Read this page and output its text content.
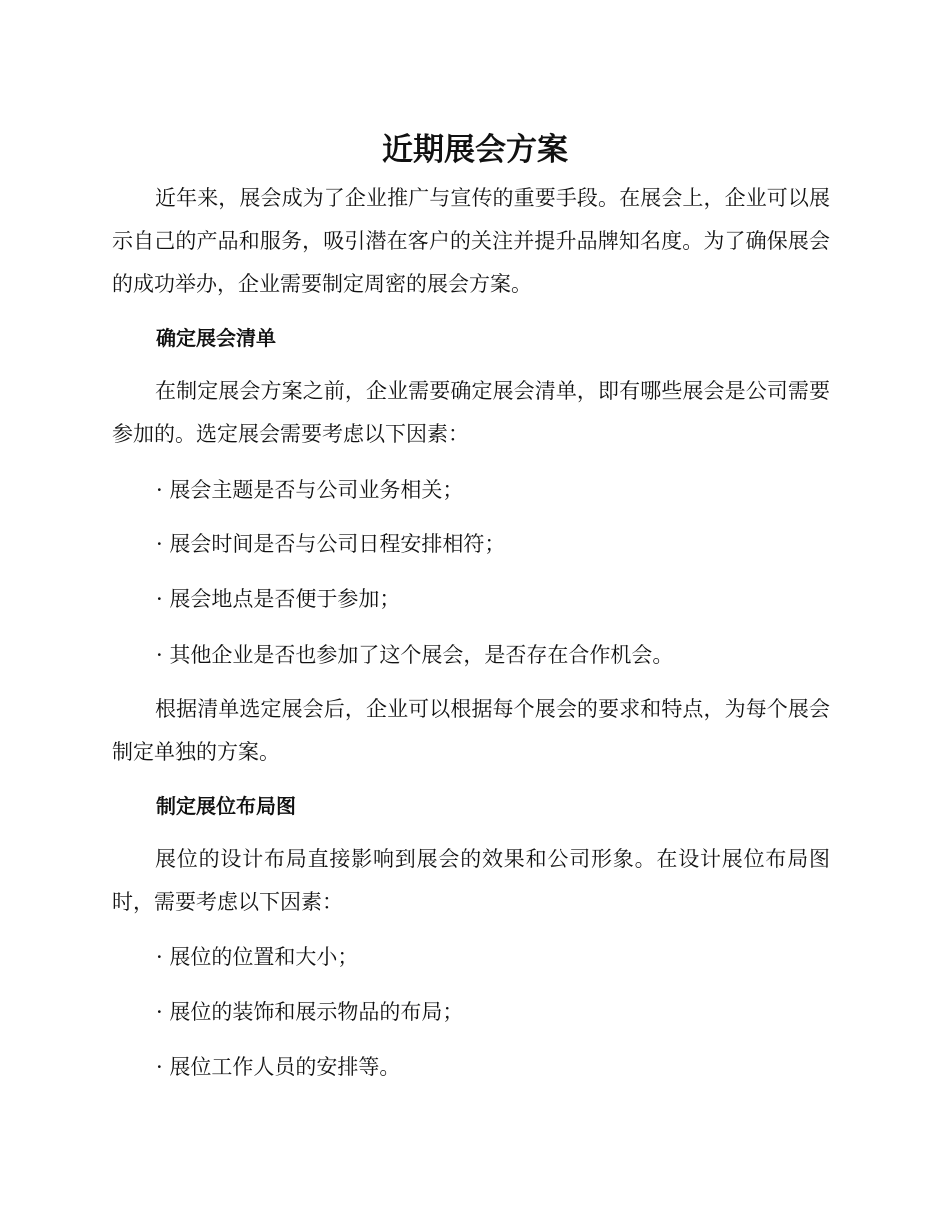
近期展会方案

近年来，展会成为了企业推广与宣传的重要手段。在展会上，企业可以展示自己的产品和服务，吸引潜在客户的关注并提升品牌知名度。为了确保展会的成功举办，企业需要制定周密的展会方案。

确定展会清单

在制定展会方案之前，企业需要确定展会清单，即有哪些展会是公司需要参加的。选定展会需要考虑以下因素：

· 展会主题是否与公司业务相关；

· 展会时间是否与公司日程安排相符；

· 展会地点是否便于参加；

· 其他企业是否也参加了这个展会，是否存在合作机会。

根据清单选定展会后，企业可以根据每个展会的要求和特点，为每个展会制定单独的方案。

制定展位布局图

展位的设计布局直接影响到展会的效果和公司形象。在设计展位布局图时，需要考虑以下因素：

· 展位的位置和大小；

· 展位的装饰和展示物品的布局；

· 展位工作人员的安排等。
